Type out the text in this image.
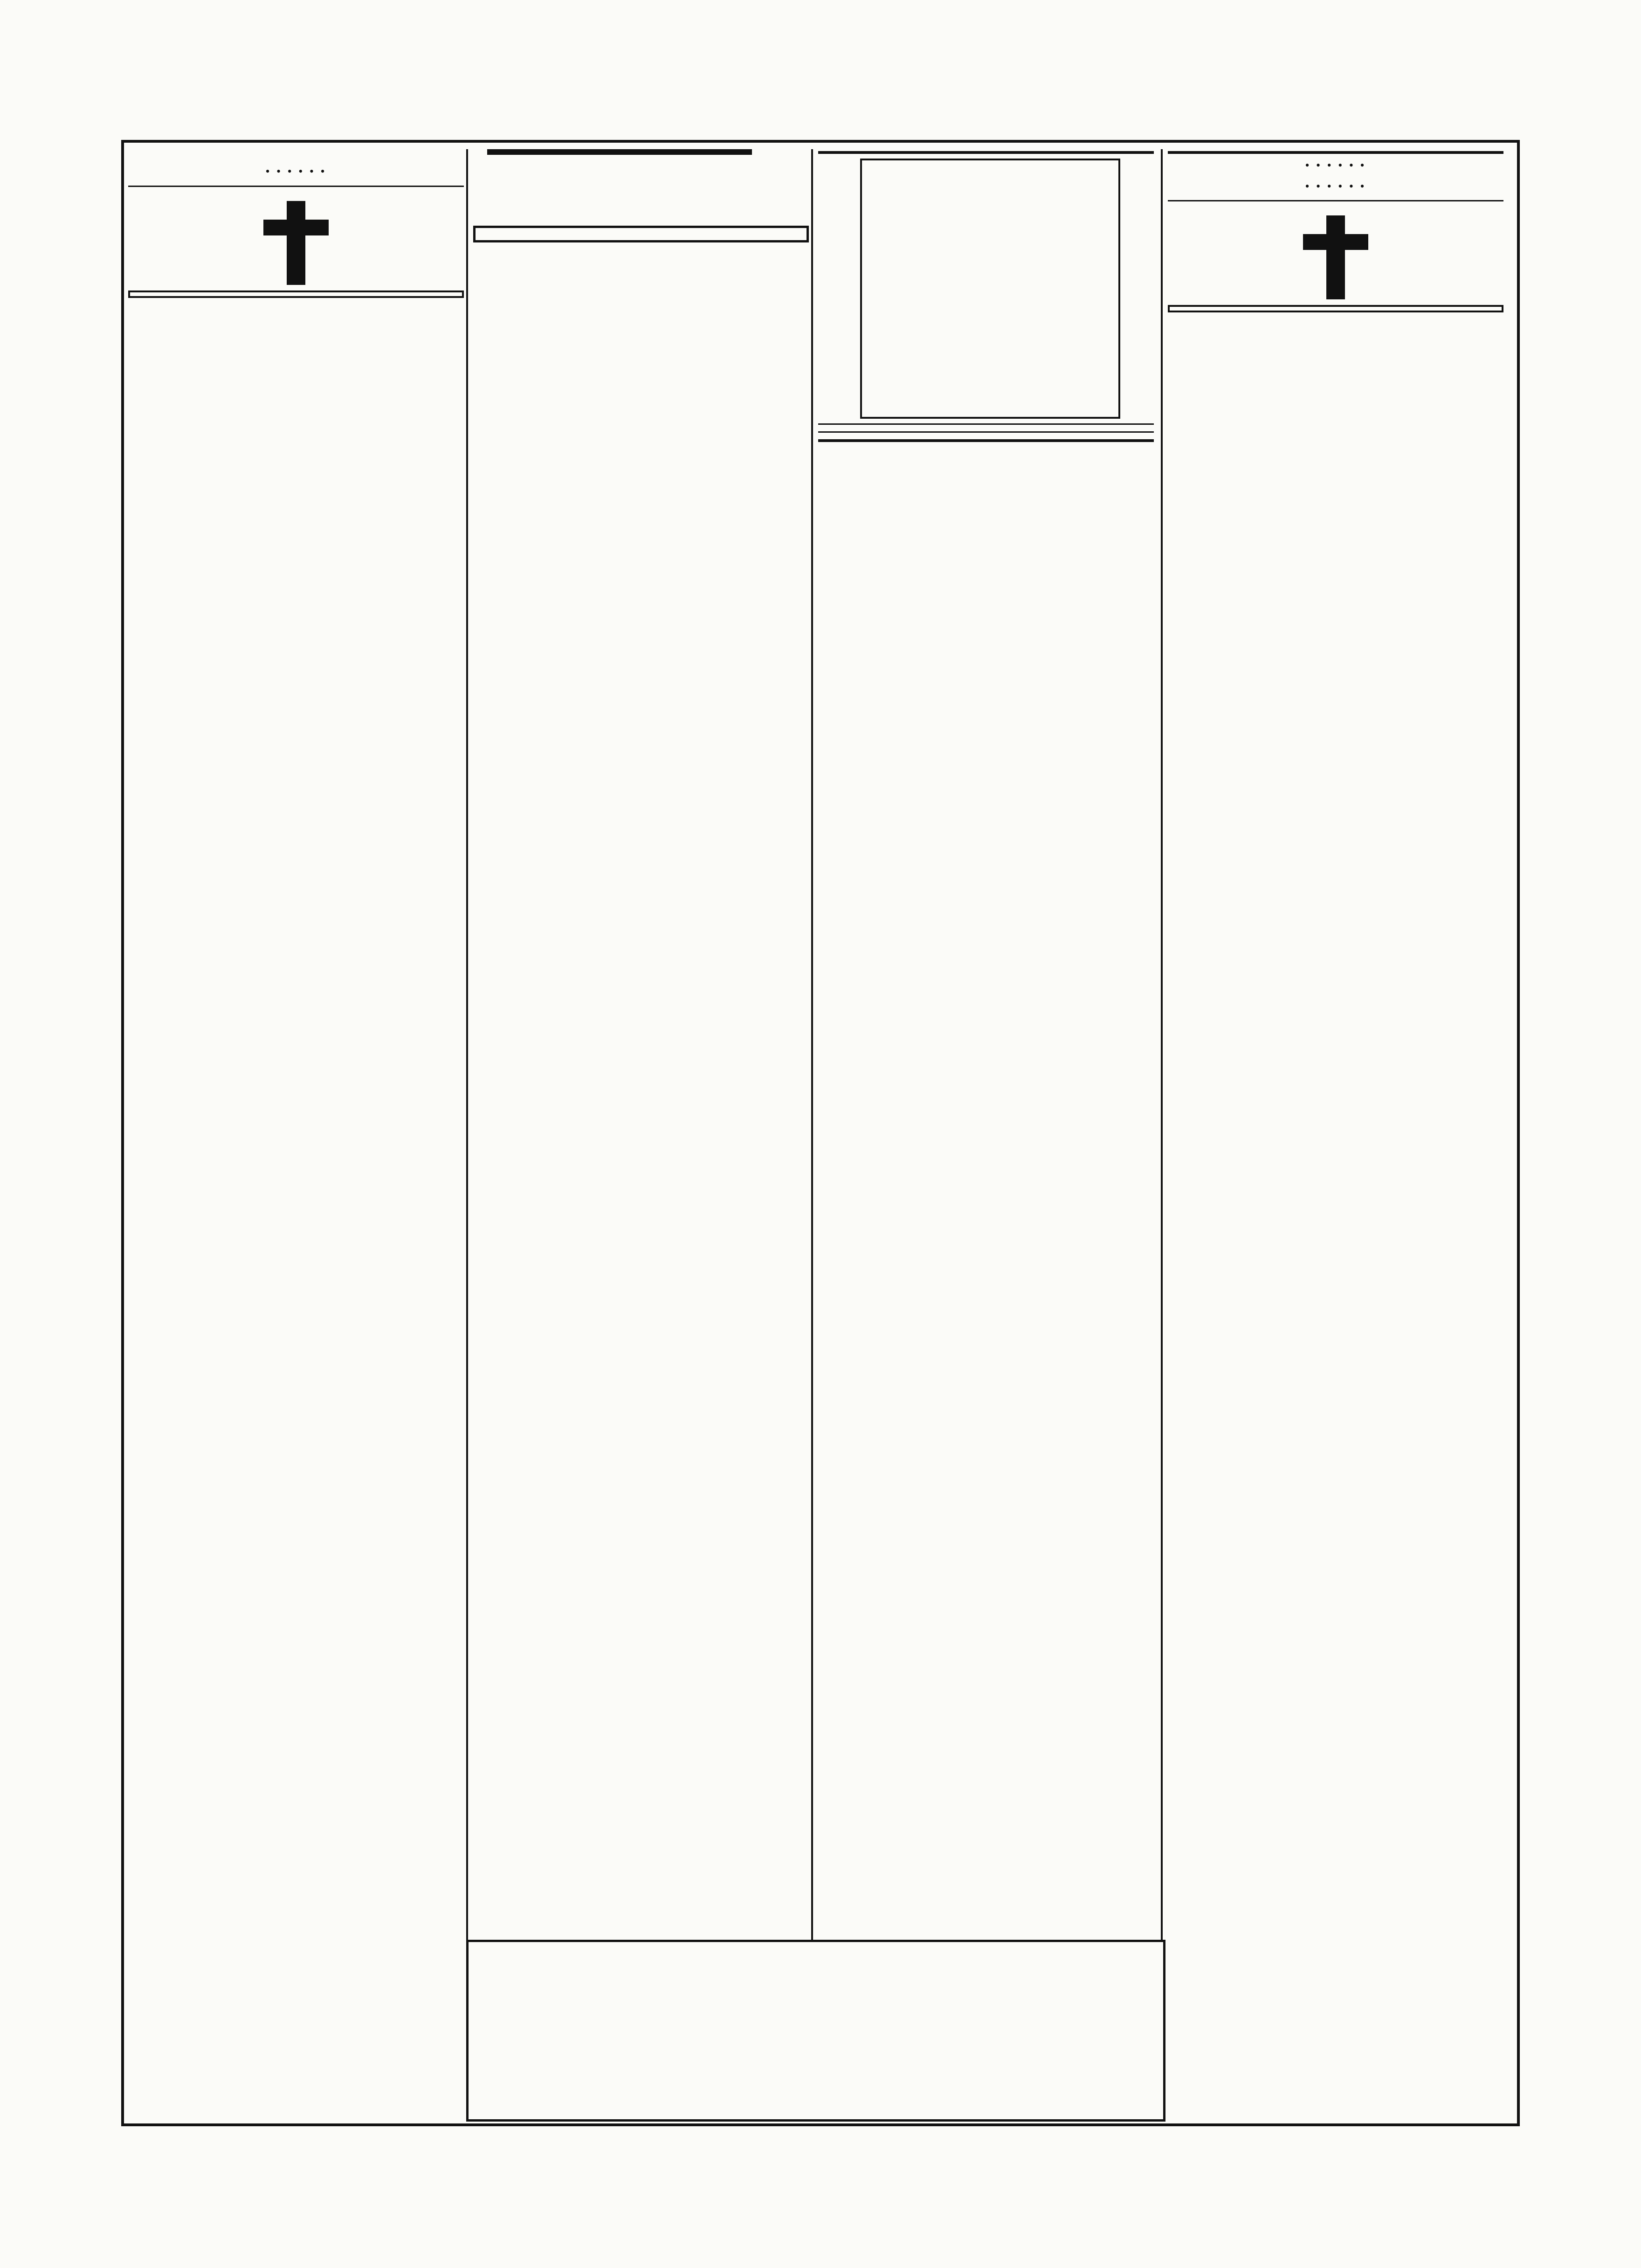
• • • • • •	• • • • • •

• • • • • •
